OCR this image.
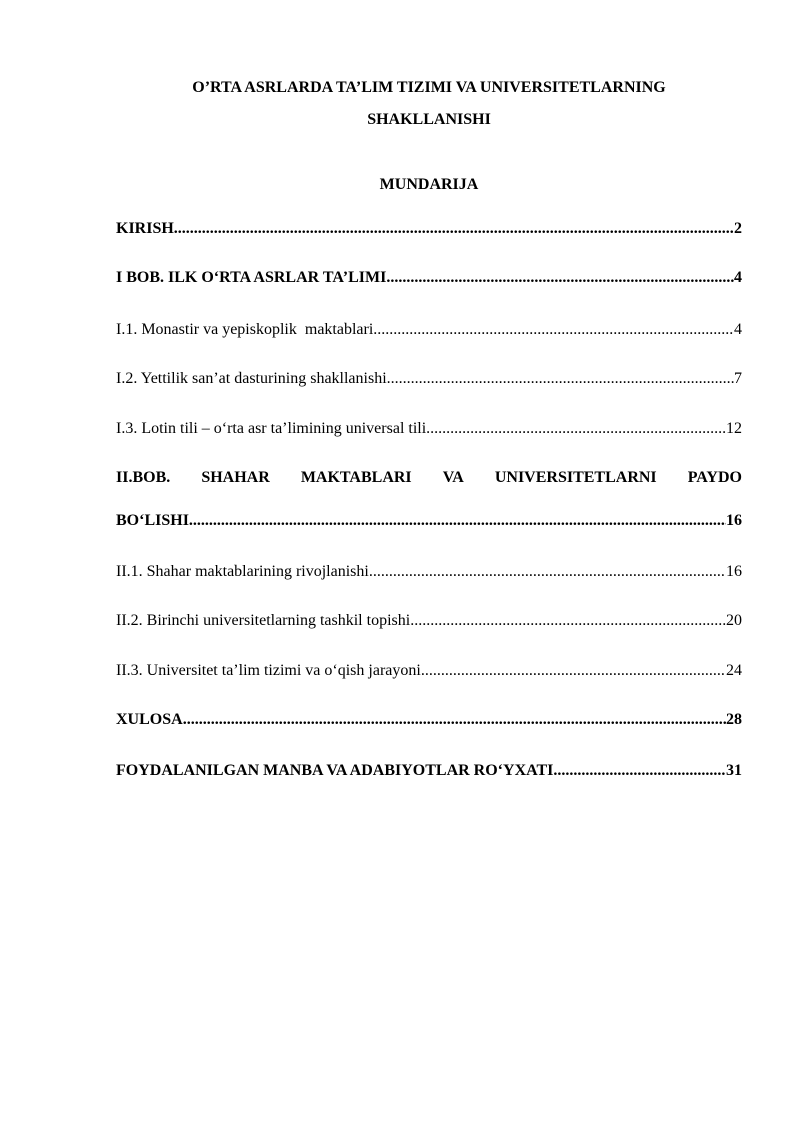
O’RTA ASRLARDA TA’LIM TIZIMI VA UNIVERSITETLARNING
SHAKLLANISHI
MUNDARIJA
KIRISH .....	2
I BOB. ILK O‘RTA ASRLAR TA’LIMI .....	4
I.1. Monastir va yepiskoplik  maktablari .....	4
I.2. Yettilik san’at dasturining shakllanishi .....	7
I.3. Lotin tili – o‘rta asr ta’limining universal tili .....	12
II.BOB. SHAHAR MAKTABLARI VA UNIVERSITETLARNI PAYDO
BO‘LISHI .....	16
II.1. Shahar maktablarining rivojlanishi .....	16
II.2. Birinchi universitetlarning tashkil topishi .....	20
II.3. Universitet ta’lim tizimi va o‘qish jarayoni .....	24
XULOSA .....	28
FOYDALANILGAN MANBA VA ADABIYOTLAR RO‘YXATI .....	31
